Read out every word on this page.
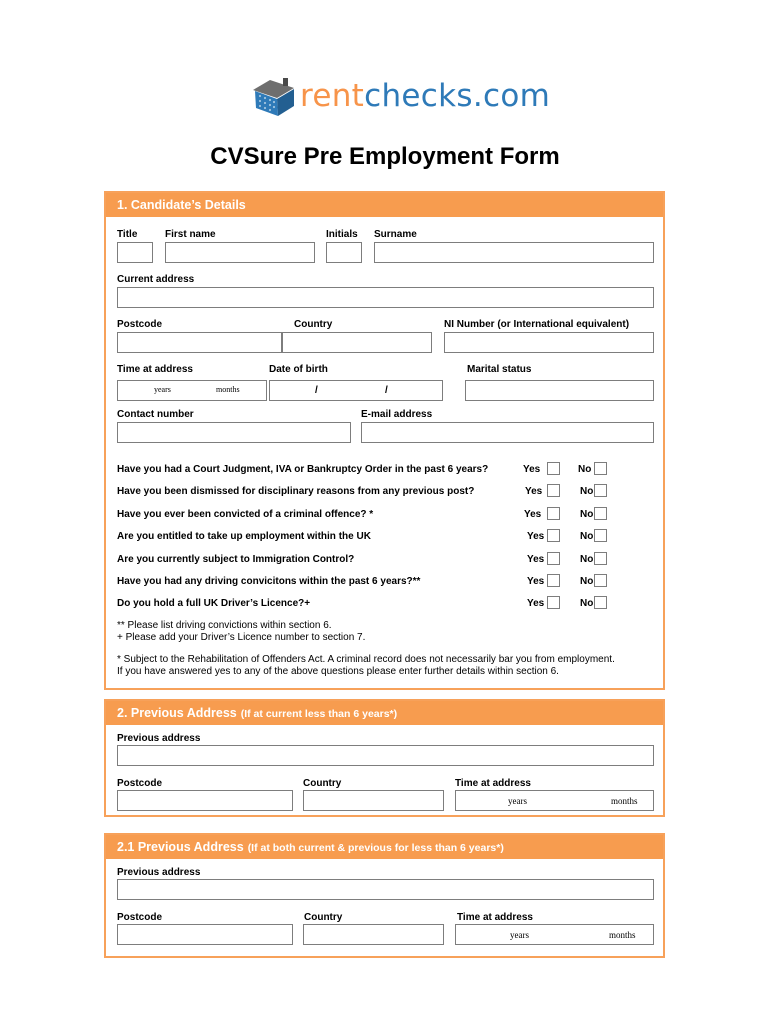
rentchecks.com
CVSure Pre Employment Form
1. Candidate’s Details
Title	First name	Initials Surname
Current address
Postcode	Country	NI Number (or International equivalent)
Time at address	Date of birth	Marital status
years	months	/	/
Contact number	E-mail address
Have you had a Court Judgment, IVA or Bankruptcy Order in the past 6 years?	Yes	No
Have you been dismissed for disciplinary reasons from any previous post?	Yes	No
Have you ever been convicted of a criminal offence? *	Yes	No
Are you entitled to take up employment within the UK	Yes	No
Are you currently subject to Immigration Control?	Yes	No
Have you had any driving convicitons within the past 6 years?**	Yes	No
Do you hold a full UK Driver’s Licence?+	Yes	No
** Please list driving convictions within section 6.
+ Please add your Driver’s Licence number to section 7.
* Subject to the Rehabilitation of Offenders Act. A criminal record does not necessarily bar you from employment.
If you have answered yes to any of the above questions please enter further details within section 6.
2. Previous Address (If at current less than 6 years*)
Previous address
Postcode	Country	Time at address
years	months
2.1 Previous Address (If at both current & previous for less than 6 years*)
Previous address
Postcode	Country	Time at address
years	months
